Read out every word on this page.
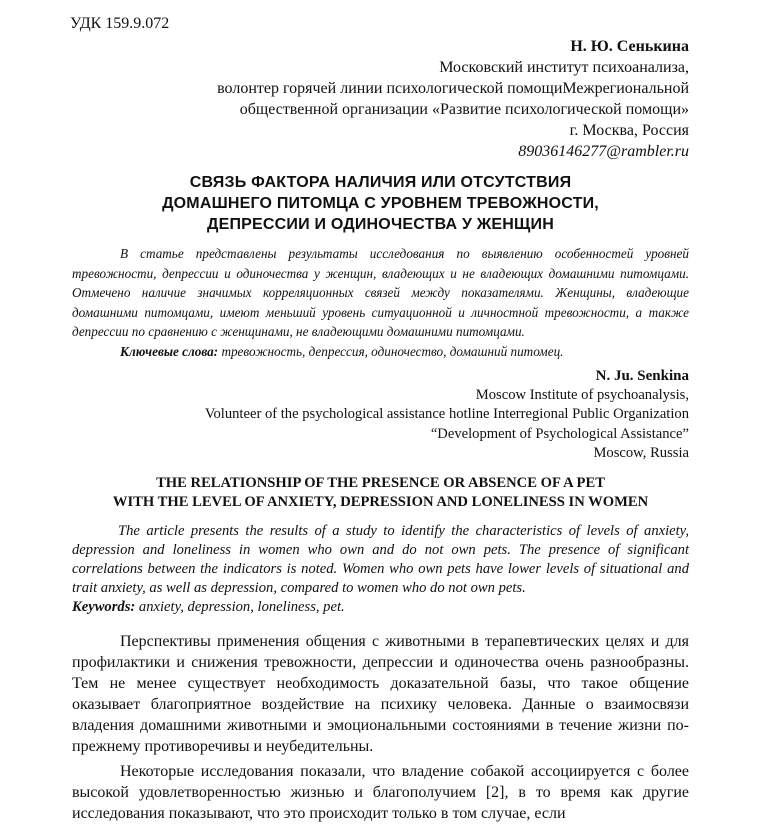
УДК 159.9.072
Н. Ю. Сенькина
Московский институт психоанализа,
волонтер горячей линии психологической помощиМежрегиональной
общественной организации «Развитие психологической помощи»
г. Москва, Россия
89036146277@rambler.ru
СВЯЗЬ ФАКТОРА НАЛИЧИЯ ИЛИ ОТСУТСТВИЯ
ДОМАШНЕГО ПИТОМЦА С УРОВНЕМ ТРЕВОЖНОСТИ,
ДЕПРЕССИИ И ОДИНОЧЕСТВА У ЖЕНЩИН
В статье представлены результаты исследования по выявлению особенностей уровней тревожности, депрессии и одиночества у женщин, владеющих и не владеющих домашними питомцами. Отмечено наличие значимых корреляционных связей между показателями. Женщины, владеющие домашними питомцами, имеют меньший уровень ситуационной и личностной тревожности, а также депрессии по сравнению с женщинами, не владеющими домашними питомцами.
Ключевые слова: тревожность, депрессия, одиночество, домашний питомец.
N. Ju. Senkina
Moscow Institute of psychoanalysis,
Volunteer of the psychological assistance hotline Interregional Public Organization
“Development of Psychological Assistance”
Moscow, Russia
THE RELATIONSHIP OF THE PRESENCE OR ABSENCE OF A PET
WITH THE LEVEL OF ANXIETY, DEPRESSION AND LONELINESS IN WOMEN
The article presents the results of a study to identify the characteristics of levels of anxiety, depression and loneliness in women who own and do not own pets. The presence of significant correlations between the indicators is noted. Women who own pets have lower levels of situational and trait anxiety, as well as depression, compared to women who do not own pets.
Keywords: anxiety, depression, loneliness, pet.

Перспективы применения общения с животными в терапевтических целях и для профилактики и снижения тревожности, депрессии и одиночества очень разнообразны. Тем не менее существует необходимость доказательной базы, что такое общение оказывает благоприятное воздействие на психику человека. Данные о взаимосвязи владения домашними животными и эмоциональными состояниями в течение жизни по-прежнему противоречивы и неубедительны.

Некоторые исследования показали, что владение собакой ассоциируется с более высокой удовлетворенностью жизнью и благополучием [2], в то время как другие исследования показывают, что это происходит только в том случае, если
